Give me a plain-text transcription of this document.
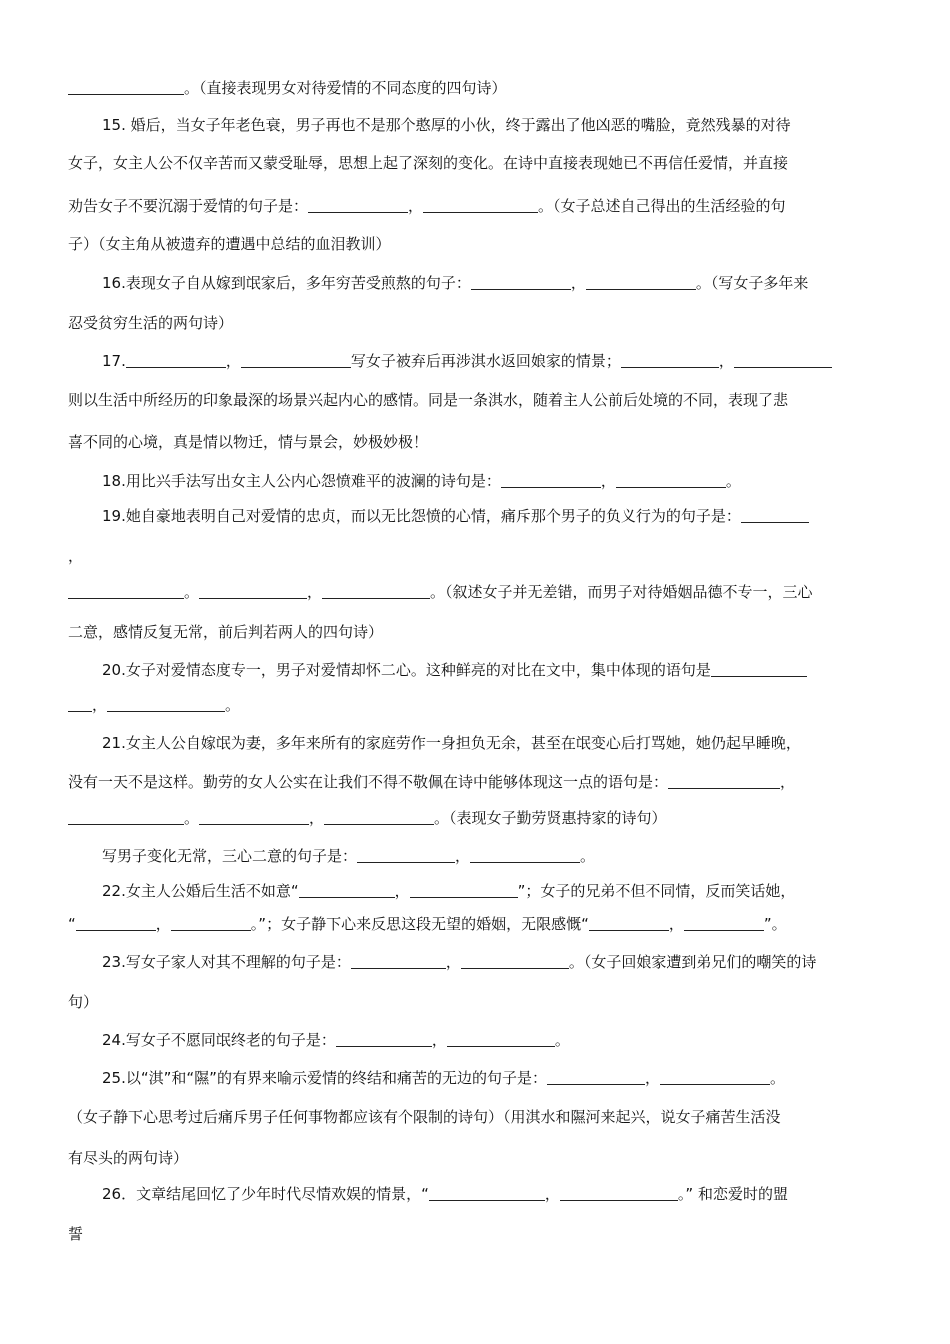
。（直接表现男女对待爱情的不同态度的四句诗）
15. 婚后，当女子年老色衰，男子再也不是那个憨厚的小伙，终于露出了他凶恶的嘴脸，竟然残暴的对待
女子，女主人公不仅辛苦而又蒙受耻辱，思想上起了深刻的变化。在诗中直接表现她已不再信任爱情，并直接
劝告女子不要沉溺于爱情的句子是：	，	。（女子总述自己得出的生活经验的句
子）（女主角从被遗弃的遭遇中总结的血泪教训）
16.表现女子自从嫁到氓家后，多年穷苦受煎熬的句子：	，	。（写女子多年来
忍受贫穷生活的两句诗）
17.	，	写女子被弃后再涉淇水返回娘家的情景；	，
则以生活中所经历的印象最深的场景兴起内心的感情。同是一条淇水，随着主人公前后处境的不同，表现了悲
喜不同的心境，真是情以物迁，情与景会，妙极妙极！
18.用比兴手法写出女主人公内心怨愤难平的波澜的诗句是：	，	。
19.她自豪地表明自己对爱情的忠贞，而以无比怨愤的心情，痛斥那个男子的负义行为的句子是：
，
。	，	。（叙述女子并无差错，而男子对待婚姻品德不专一，三心
二意，感情反复无常，前后判若两人的四句诗）
20.女子对爱情态度专一，男子对爱情却怀二心。这种鲜亮的对比在文中，集中体现的语句是
，	。
21.女主人公自嫁氓为妻，多年来所有的家庭劳作一身担负无余，甚至在氓变心后打骂她，她仍起早睡晚，
没有一天不是这样。勤劳的女人公实在让我们不得不敬佩在诗中能够体现这一点的语句是：	，
。	，	。（表现女子勤劳贤惠持家的诗句）
写男子变化无常，三心二意的句子是：	，	。
22.女主人公婚后生活不如意“	，	”；女子的兄弟不但不同情，反而笑话她，
“	，	。”；女子静下心来反思这段无望的婚姻，无限感慨“	，	”。
23.写女子家人对其不理解的句子是：	，	。（女子回娘家遭到弟兄们的嘲笑的诗
句）
24.写女子不愿同氓终老的句子是：	，	。
25.以“淇”和“隰”的有界来喻示爱情的终结和痛苦的无边的句子是：	，	。
（女子静下心思考过后痛斥男子任何事物都应该有个限制的诗句）（用淇水和隰河来起兴，说女子痛苦生活没
有尽头的两句诗）
26．文章结尾回忆了少年时代尽情欢娱的情景，“	，	。” 和恋爱时的盟
誓
